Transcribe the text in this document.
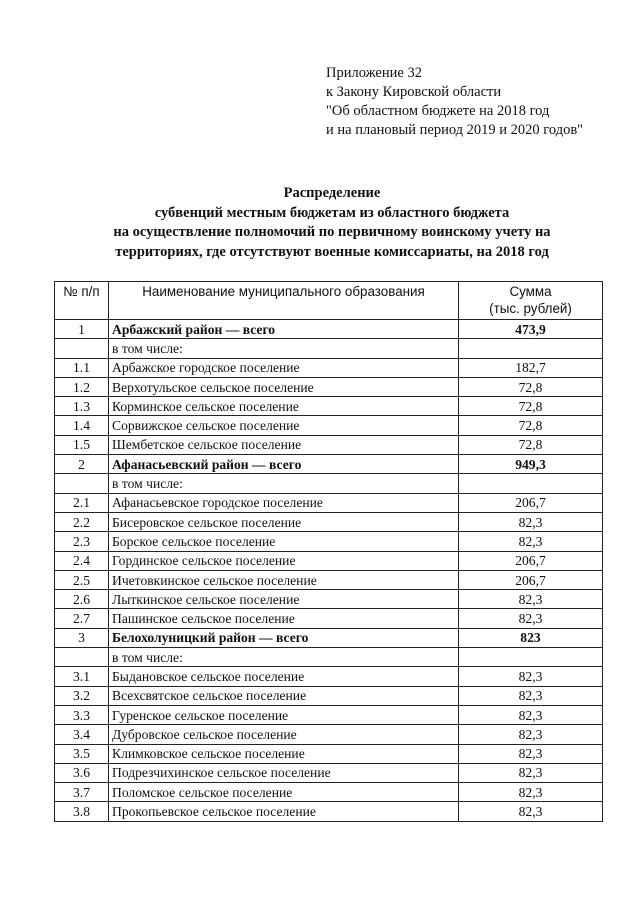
Приложение 32
к Закону Кировской области
"Об областном бюджете на 2018 год
и на плановый период 2019 и 2020 годов"
Распределение
субвенций местным бюджетам из областного бюджета
на осуществление полномочий по первичному воинскому учету на
территориях, где отсутствуют военные комиссариаты, на 2018 год
№ п/п	Наименование муниципального образования	Сумма
(тыс. рублей)

1	Арбажский район — всего	473,9
	в том числе:	
1.1	Арбажское городское поселение	182,7
1.2	Верхотульское сельское поселение	72,8
1.3	Корминское сельское поселение	72,8
1.4	Сорвижское сельское поселение	72,8
1.5	Шембетское сельское поселение	72,8
2	Афанасьевский район — всего	949,3
	в том числе:	
2.1	Афанасьевское городское поселение	206,7
2.2	Бисеровское сельское поселение	82,3
2.3	Борское сельское поселение	82,3
2.4	Гординское сельское поселение	206,7
2.5	Ичетовкинское сельское поселение	206,7
2.6	Лыткинское сельское поселение	82,3
2.7	Пашинское сельское поселение	82,3
3	Белохолуницкий район — всего	823
	в том числе:	
3.1	Быдановское сельское поселение	82,3
3.2	Всехсвятское сельское поселение	82,3
3.3	Гуренское сельское поселение	82,3
3.4	Дубровское сельское поселение	82,3
3.5	Климковское сельское поселение	82,3
3.6	Подрезчихинское сельское поселение	82,3
3.7	Поломское сельское поселение	82,3
3.8	Прокопьевское сельское поселение	82,3
